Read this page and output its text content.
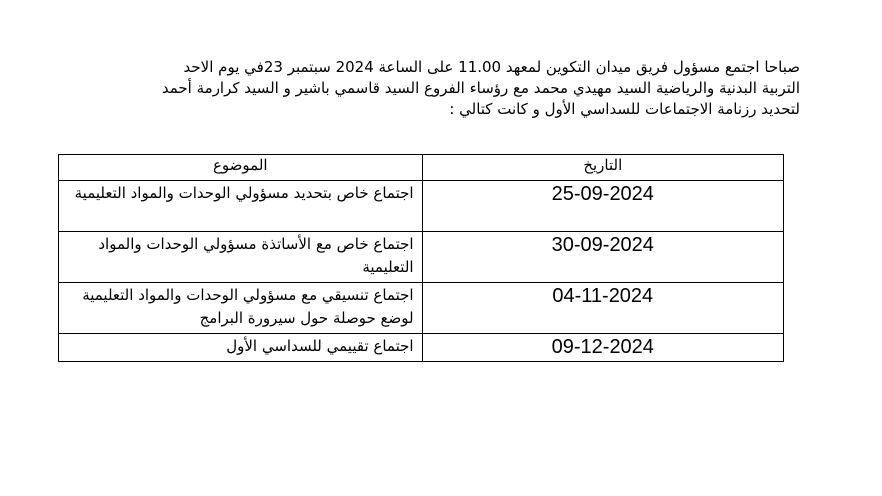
صباحا اجتمع مسؤول فريق ميدان التكوين لمعهد 11.00 على الساعة 2024 سبتمبر 23في يوم الاحد
التربية البدنية والرياضية السيد مهيدي محمد مع رؤساء الفروع السيد قاسمي باشير و السيد كرارمة أحمد
لتحديد رزنامة الاجتماعات للسداسي الأول و كانت كتالي :
الموضوع	التاريخ

اجتماع خاص بتحديد مسؤولي الوحدات والمواد التعليمية	25-09-2024
اجتماع خاص مع الأساتذة مسؤولي الوحدات والمواد التعليمية	30-09-2024
اجتماع تنسيقي مع مسؤولي الوحدات والمواد التعليمية لوضع حوصلة حول سيرورة البرامج	04-11-2024
اجتماع تقييمي للسداسي الأول	09-12-2024
